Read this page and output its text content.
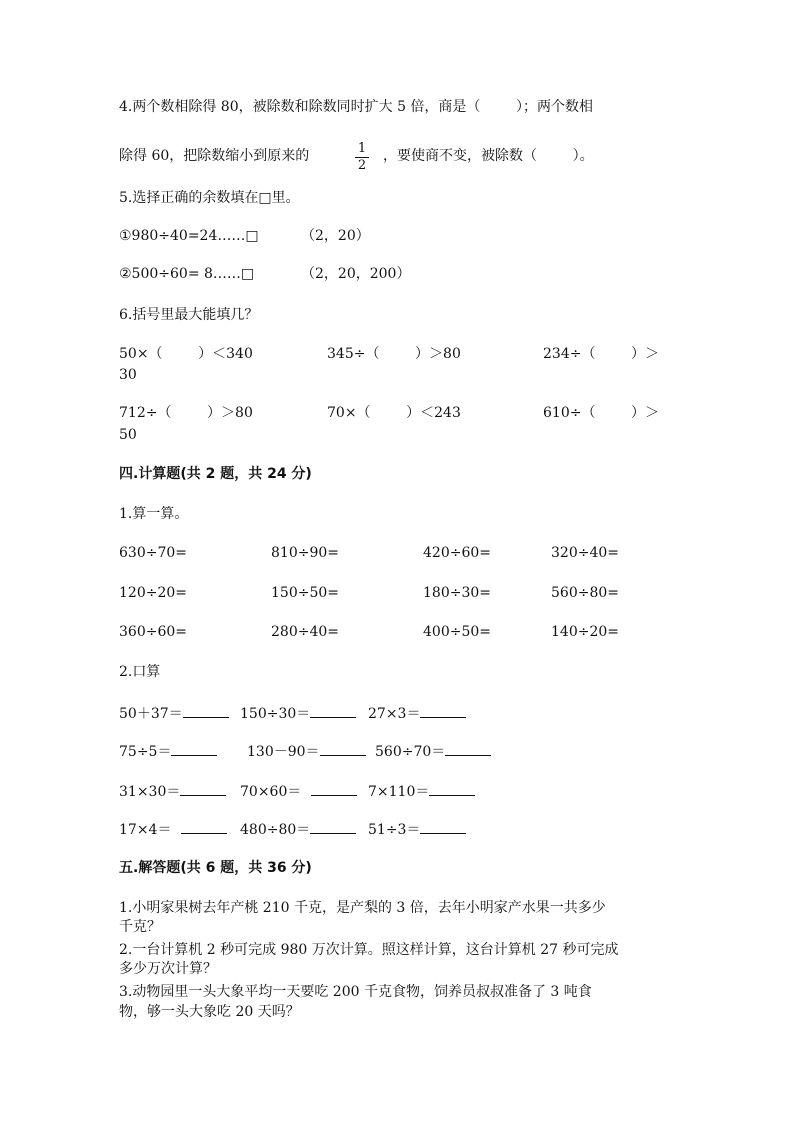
4.两个数相除得 80，被除数和除数同时扩大 5 倍，商是（        ）；两个数相
除得 60，把除数缩小到原来的	1
2
，要使商不变，被除数（        ）。
5.选择正确的余数填在□里。
①980÷40=24……□	（2，20）
②500÷60= 8……□	（2，20，200）
6.括号里最大能填几？
50×（        ）＜340	345÷（        ）＞80	234÷（        ）＞
30
712÷（        ）＞80	70×（        ）＜243	610÷（        ）＞
50
四.计算题(共 2 题，共 24 分)
1.算一算。
630÷70=	810÷90=	420÷60=	320÷40=
120÷20=	150÷50=	180÷30=	560÷80=
360÷60=	280÷40=	400÷50=	140÷20=
2.口算
50＋37＝	150÷30＝	27×3＝
75÷5＝	130－90＝	560÷70＝
31×30＝	70×60＝	7×110＝
17×4＝	480÷80＝	51÷3＝
五.解答题(共 6 题，共 36 分)
1.小明家果树去年产桃 210 千克，是产梨的 3 倍，去年小明家产水果一共多少
千克？
2.一台计算机 2 秒可完成 980 万次计算。照这样计算，这台计算机 27 秒可完成
多少万次计算？
3.动物园里一头大象平均一天要吃 200 千克食物，饲养员叔叔准备了 3 吨食
物，够一头大象吃 20 天吗？
